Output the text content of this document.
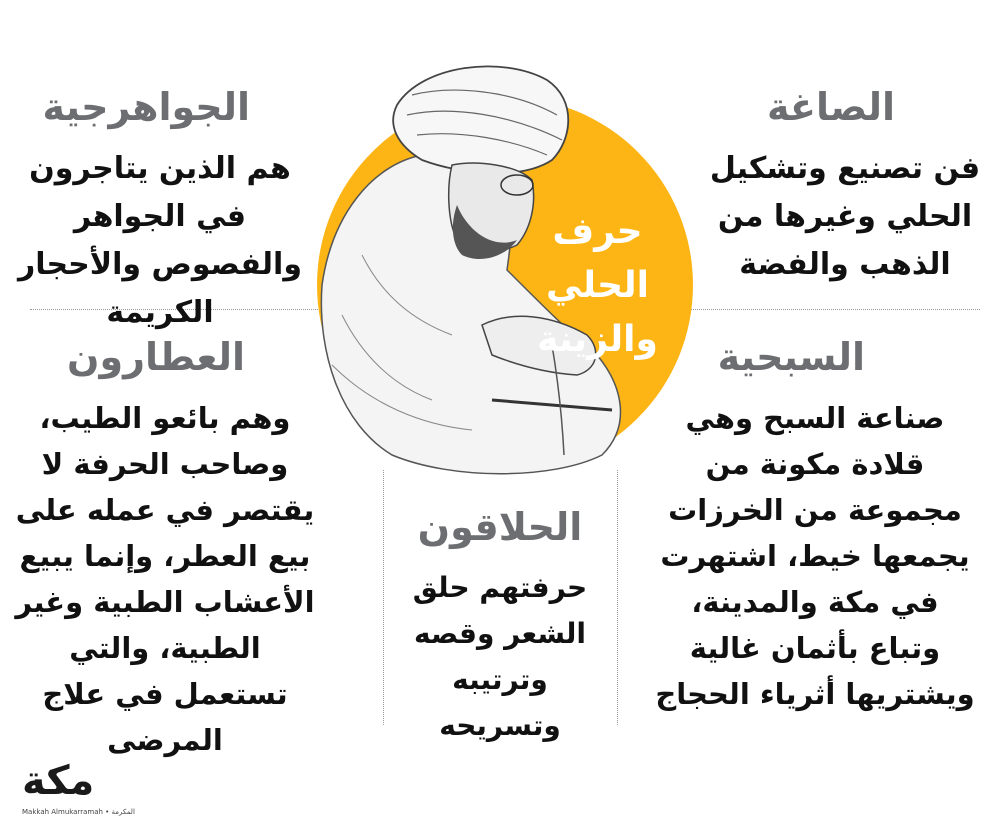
حرف الحلي
والزينة
الصاغة

فن تصنيع وتشكيل الحلي وغيرها من الذهب والفضة

الجواهرجية

هم الذين يتاجرون في الجواهر والفصوص والأحجار الكريمة

السبحية

صناعة السبح وهي قلادة مكونة من مجموعة من الخرزات يجمعها خيط، اشتهرت في مكة والمدينة، وتباع بأثمان غالية ويشتريها أثرياء الحجاج

العطارون

وهم بائعو الطيب، وصاحب الحرفة لا يقتصر في عمله على بيع العطر، وإنما يبيع الأعشاب الطبية وغير الطبية، والتي تستعمل في علاج المرضى

الحلاقون

حرفتهم حلق الشعر وقصه وترتيبه وتسريحه

مكة
Makkah Almukarramah • المكرمة
